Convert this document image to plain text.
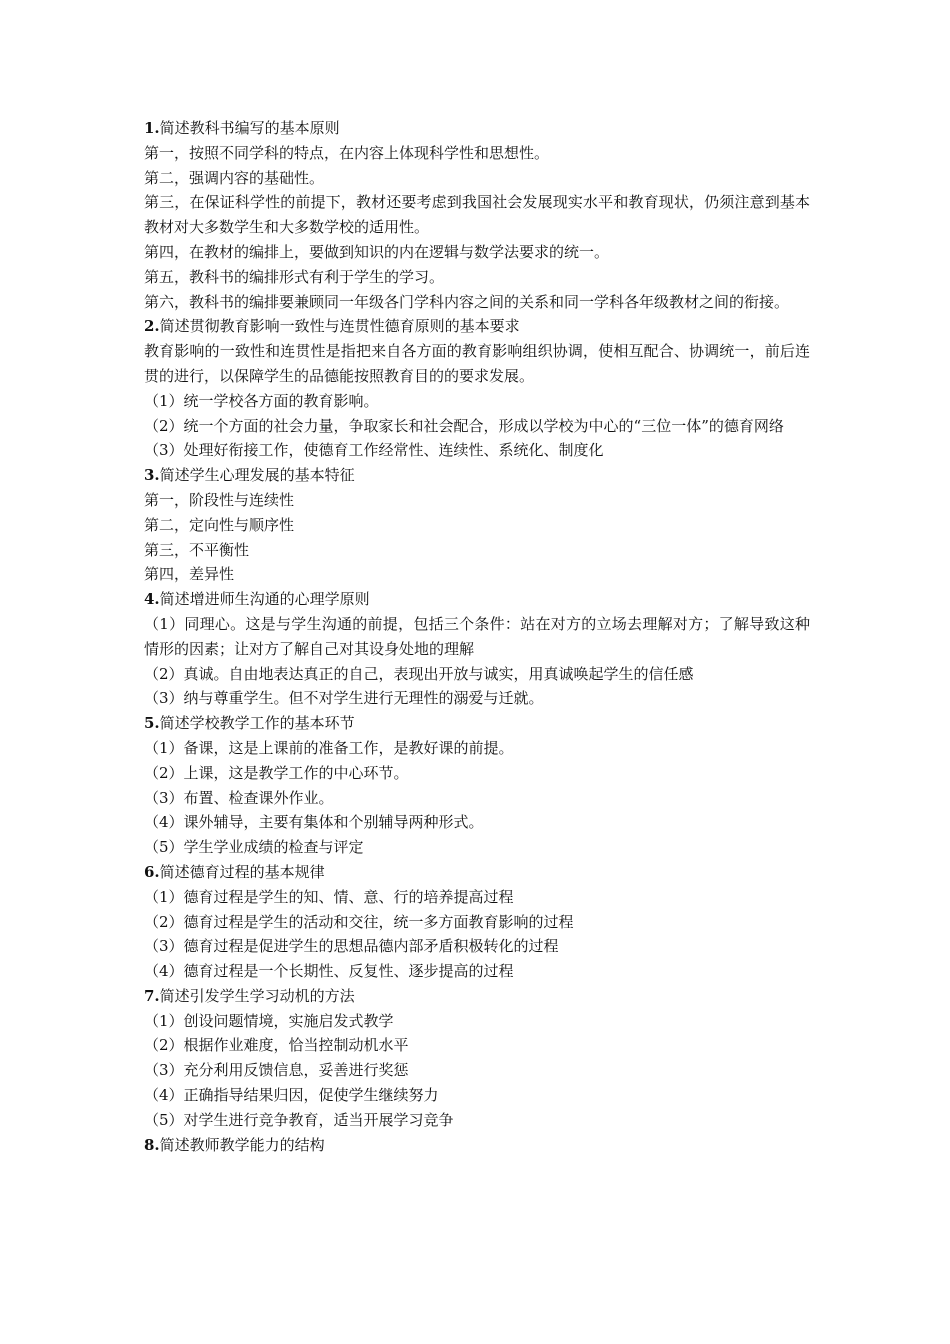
1.简述教科书编写的基本原则

第一，按照不同学科的特点，在内容上体现科学性和思想性。

第二，强调内容的基础性。

第三，在保证科学性的前提下，教材还要考虑到我国社会发展现实水平和教育现状，仍须注意到基本教材对大多数学生和大多数学校的适用性。

第四，在教材的编排上，要做到知识的内在逻辑与数学法要求的统一。

第五，教科书的编排形式有利于学生的学习。

第六，教科书的编排要兼顾同一年级各门学科内容之间的关系和同一学科各年级教材之间的衔接。

2.简述贯彻教育影响一致性与连贯性德育原则的基本要求

教育影响的一致性和连贯性是指把来自各方面的教育影响组织协调，使相互配合、协调统一，前后连贯的进行，以保障学生的品德能按照教育目的的要求发展。

（1）统一学校各方面的教育影响。

（2）统一个方面的社会力量，争取家长和社会配合，形成以学校为中心的“三位一体”的德育网络

（3）处理好衔接工作，使德育工作经常性、连续性、系统化、制度化

3.简述学生心理发展的基本特征

第一，阶段性与连续性

第二，定向性与顺序性

第三，不平衡性

第四，差异性

4.简述增进师生沟通的心理学原则

（1）同理心。这是与学生沟通的前提，包括三个条件：站在对方的立场去理解对方；了解导致这种情形的因素；让对方了解自己对其设身处地的理解

（2）真诚。自由地表达真正的自己，表现出开放与诚实，用真诚唤起学生的信任感

（3）纳与尊重学生。但不对学生进行无理性的溺爱与迁就。

5.简述学校教学工作的基本环节

（1）备课，这是上课前的准备工作，是教好课的前提。

（2）上课，这是教学工作的中心环节。

（3）布置、检查课外作业。

（4）课外辅导，主要有集体和个别辅导两种形式。

（5）学生学业成绩的检查与评定

6.简述德育过程的基本规律

（1）德育过程是学生的知、情、意、行的培养提高过程

（2）德育过程是学生的活动和交往，统一多方面教育影响的过程

（3）德育过程是促进学生的思想品德内部矛盾积极转化的过程

（4）德育过程是一个长期性、反复性、逐步提高的过程

7.简述引发学生学习动机的方法

（1）创设问题情境，实施启发式教学

（2）根据作业难度，恰当控制动机水平

（3）充分利用反馈信息，妥善进行奖惩

（4）正确指导结果归因，促使学生继续努力

（5）对学生进行竞争教育，适当开展学习竞争

8.简述教师教学能力的结构
